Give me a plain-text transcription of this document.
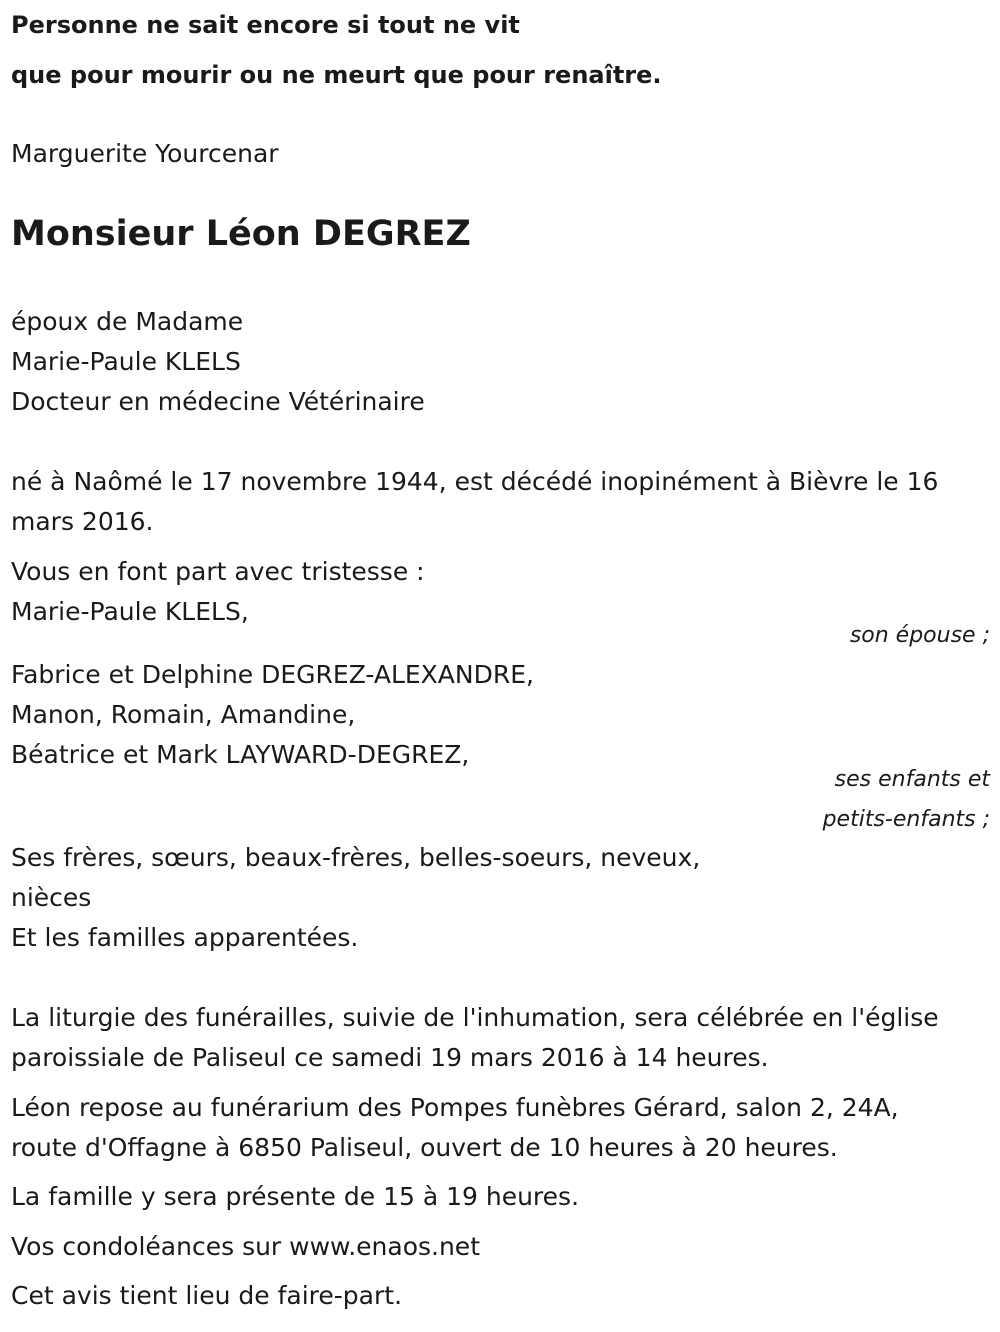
Personne ne sait encore si tout ne vit
que pour mourir ou ne meurt que pour renaître.
Marguerite Yourcenar
Monsieur Léon DEGREZ
époux de Madame
Marie-Paule KLELS
Docteur en médecine Vétérinaire
né à Naômé le 17 novembre 1944, est décédé inopinément à Bièvre le 16
mars 2016.
Vous en font part avec tristesse :
Marie-Paule KLELS,
son épouse ;
Fabrice et Delphine DEGREZ-ALEXANDRE,
Manon, Romain, Amandine,
Béatrice et Mark LAYWARD-DEGREZ,
ses enfants et
petits-enfants ;
Ses frères, sœurs, beaux-frères, belles-soeurs, neveux,
nièces
Et les familles apparentées.
La liturgie des funérailles, suivie de l'inhumation, sera célébrée en l'église
paroissiale de Paliseul ce samedi 19 mars 2016 à 14 heures.
Léon repose au funérarium des Pompes funèbres Gérard, salon 2, 24A,
route d'Offagne à 6850 Paliseul, ouvert de 10 heures à 20 heures.
La famille y sera présente de 15 à 19 heures.
Vos condoléances sur www.enaos.net
Cet avis tient lieu de faire-part.
